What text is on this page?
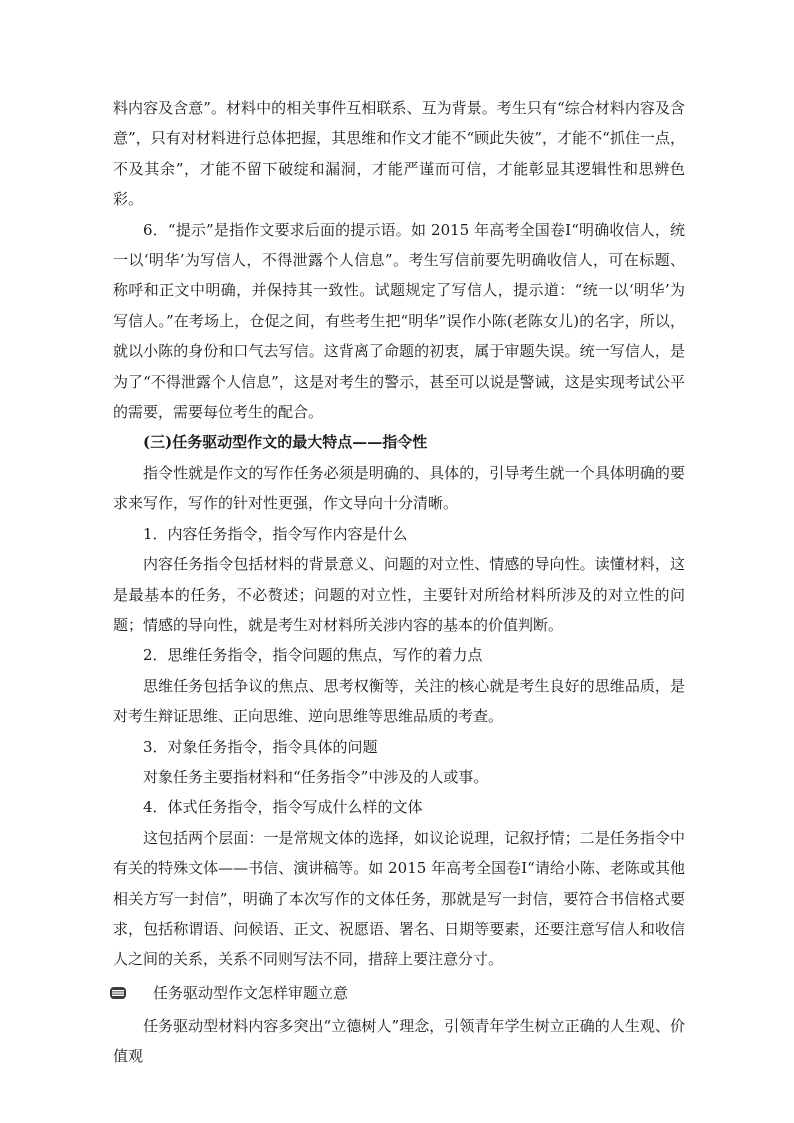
料内容及含意”。材料中的相关事件互相联系、互为背景。考生只有“综合材料内容及含意”，只有对材料进行总体把握，其思维和作文才能不“顾此失彼”，才能不“抓住一点，不及其余”，才能不留下破绽和漏洞，才能严谨而可信，才能彰显其逻辑性和思辨色彩。

6．“提示”是指作文要求后面的提示语。如 2015 年高考全国卷Ⅰ“明确收信人，统一以‘明华’为写信人，不得泄露个人信息”。考生写信前要先明确收信人，可在标题、称呼和正文中明确，并保持其一致性。试题规定了写信人，提示道：“统一以‘明华’为写信人。”在考场上，仓促之间，有些考生把“明华”误作小陈(老陈女儿)的名字，所以，就以小陈的身份和口气去写信。这背离了命题的初衷，属于审题失误。统一写信人，是为了“不得泄露个人信息”，这是对考生的警示，甚至可以说是警诫，这是实现考试公平的需要，需要每位考生的配合。

(三)任务驱动型作文的最大特点——指令性

指令性就是作文的写作任务必须是明确的、具体的，引导考生就一个具体明确的要求来写作，写作的针对性更强，作文导向十分清晰。

1．内容任务指令，指令写作内容是什么

内容任务指令包括材料的背景意义、问题的对立性、情感的导向性。读懂材料，这是最基本的任务，不必赘述；问题的对立性，主要针对所给材料所涉及的对立性的问题；情感的导向性，就是考生对材料所关涉内容的基本的价值判断。

2．思维任务指令，指令问题的焦点，写作的着力点

思维任务包括争议的焦点、思考权衡等，关注的核心就是考生良好的思维品质，是对考生辩证思维、正向思维、逆向思维等思维品质的考查。

3．对象任务指令，指令具体的问题

对象任务主要指材料和“任务指令”中涉及的人或事。

4．体式任务指令，指令写成什么样的文体

这包括两个层面：一是常规文体的选择，如议论说理，记叙抒情；二是任务指令中有关的特殊文体——书信、演讲稿等。如 2015 年高考全国卷Ⅰ“请给小陈、老陈或其他相关方写一封信”，明确了本次写作的文体任务，那就是写一封信，要符合书信格式要求，包括称谓语、问候语、正文、祝愿语、署名、日期等要素，还要注意写信人和收信人之间的关系，关系不同则写法不同，措辞上要注意分寸。

任务驱动型作文怎样审题立意

任务驱动型材料内容多突出“立德树人”理念，引领青年学生树立正确的人生观、价值观
